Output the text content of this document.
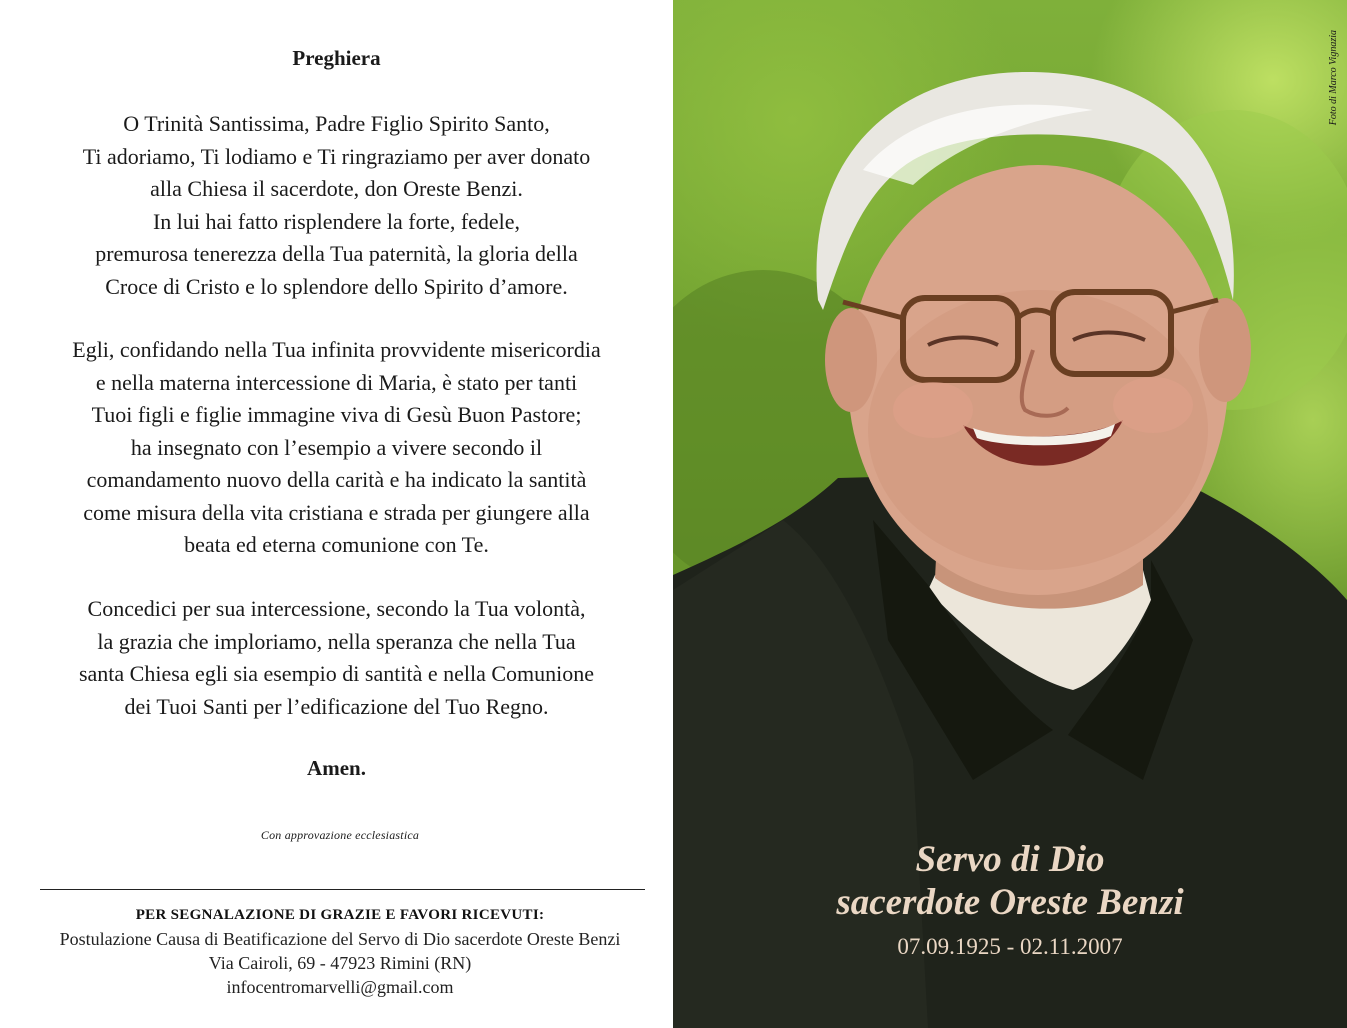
Preghiera
O Trinità Santissima, Padre Figlio Spirito Santo,
Ti adoriamo, Ti lodiamo e Ti ringraziamo per aver donato
alla Chiesa il sacerdote, don Oreste Benzi.
In lui hai fatto risplendere la forte, fedele,
premurosa tenerezza della Tua paternità, la gloria della
Croce di Cristo e lo splendore dello Spirito d’amore.
Egli, confidando nella Tua infinita provvidente misericordia
e nella materna intercessione di Maria, è stato per tanti
Tuoi figli e figlie immagine viva di Gesù Buon Pastore;
ha insegnato con l’esempio a vivere secondo il
comandamento nuovo della carità e ha indicato la santità
come misura della vita cristiana e strada per giungere alla
beata ed eterna comunione con Te.
Concedici per sua intercessione, secondo la Tua volontà,
la grazia che imploriamo, nella speranza che nella Tua
santa Chiesa egli sia esempio di santità e nella Comunione
dei Tuoi Santi per l’edificazione del Tuo Regno.
Amen.
Con approvazione ecclesiastica
PER SEGNALAZIONE DI GRAZIE E FAVORI RICEVUTI:
Postulazione Causa di Beatificazione del Servo di Dio sacerdote Oreste Benzi
Via Cairoli, 69 - 47923 Rimini (RN)
infocentromarvelli@gmail.com
Foto di Marco Vignazia
Servo di Dio
sacerdote Oreste Benzi
07.09.1925 - 02.11.2007
